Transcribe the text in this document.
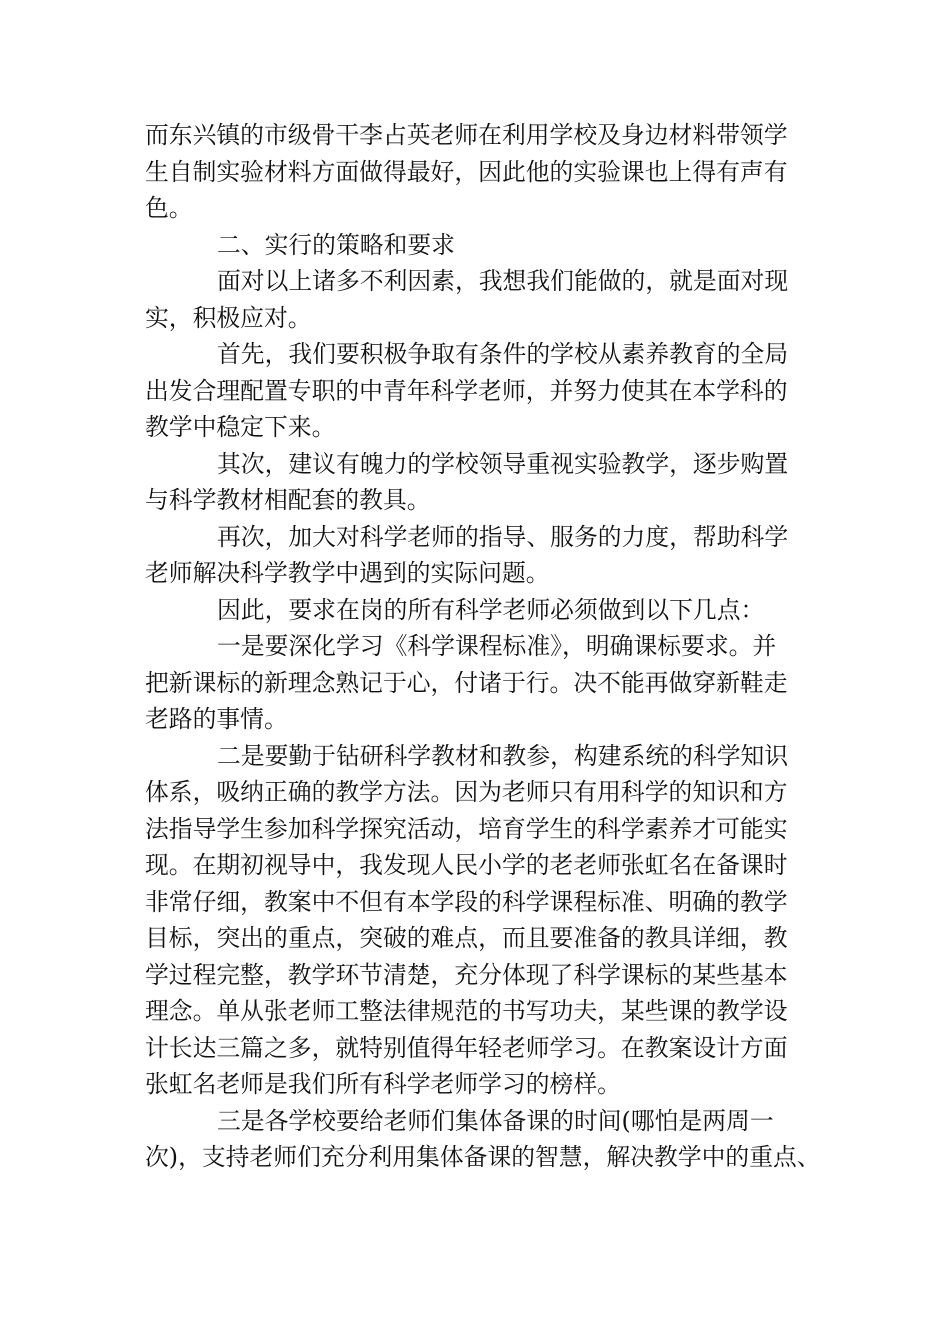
而东兴镇的市级骨干李占英老师在利用学校及身边材料带领学
生自制实验材料方面做得最好，因此他的实验课也上得有声有
色。
二、实行的策略和要求
面对以上诸多不利因素，我想我们能做的，就是面对现
实，积极应对。
首先，我们要积极争取有条件的学校从素养教育的全局
出发合理配置专职的中青年科学老师，并努力使其在本学科的
教学中稳定下来。
其次，建议有魄力的学校领导重视实验教学，逐步购置
与科学教材相配套的教具。
再次，加大对科学老师的指导、服务的力度，帮助科学
老师解决科学教学中遇到的实际问题。
因此，要求在岗的所有科学老师必须做到以下几点：
一是要深化学习《科学课程标准》，明确课标要求。并
把新课标的新理念熟记于心，付诸于行。决不能再做穿新鞋走
老路的事情。
二是要勤于钻研科学教材和教参，构建系统的科学知识
体系，吸纳正确的教学方法。因为老师只有用科学的知识和方
法指导学生参加科学探究活动，培育学生的科学素养才可能实
现。在期初视导中，我发现人民小学的老老师张虹名在备课时
非常仔细，教案中不但有本学段的科学课程标准、明确的教学
目标，突出的重点，突破的难点，而且要准备的教具详细，教
学过程完整，教学环节清楚，充分体现了科学课标的某些基本
理念。单从张老师工整法律规范的书写功夫，某些课的教学设
计长达三篇之多，就特别值得年轻老师学习。在教案设计方面
张虹名老师是我们所有科学老师学习的榜样。
三是各学校要给老师们集体备课的时间(哪怕是两周一
次)，支持老师们充分利用集体备课的智慧，解决教学中的重点、
